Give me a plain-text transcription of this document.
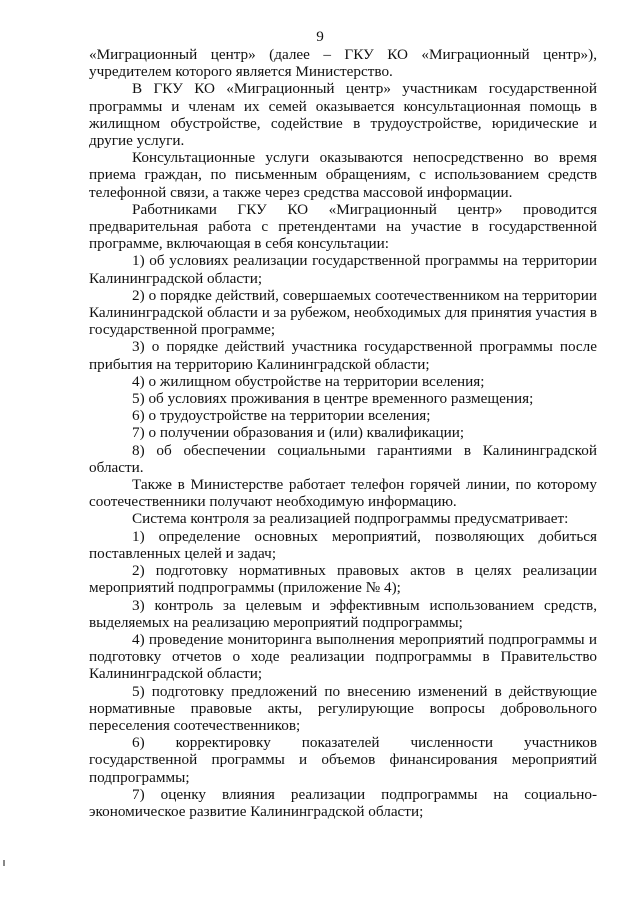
9

«Миграционный центр» (далее – ГКУ КО «Миграционный центр»), учредителем которого является Министерство.

В ГКУ КО «Миграционный центр» участникам государственной программы и членам их семей оказывается консультационная помощь в жилищном обустройстве, содействие в трудоустройстве, юридические и другие услуги.

Консультационные услуги оказываются непосредственно во время приема граждан, по письменным обращениям, с использованием средств телефонной связи, а также через средства массовой информации.

Работниками ГКУ КО «Миграционный центр» проводится предварительная работа с претендентами на участие в государственной программе, включающая в себя консультации:

1) об условиях реализации государственной программы на территории Калининградской области;

2) о порядке действий, совершаемых соотечественником на территории Калининградской области и за рубежом, необходимых для принятия участия в государственной программе;

3) о порядке действий участника государственной программы после прибытия на территорию Калининградской области;

4) о жилищном обустройстве на территории вселения;

5) об условиях проживания в центре временного размещения;

6) о трудоустройстве на территории вселения;

7) о получении образования и (или) квалификации;

8) об обеспечении социальными гарантиями в Калининградской области.

Также в Министерстве работает телефон горячей линии, по которому соотечественники получают необходимую информацию.

Система контроля за реализацией подпрограммы предусматривает:

1) определение основных мероприятий, позволяющих добиться поставленных целей и задач;

2) подготовку нормативных правовых актов в целях реализации мероприятий подпрограммы (приложение № 4);

3) контроль за целевым и эффективным использованием средств, выделяемых на реализацию мероприятий подпрограммы;

4) проведение мониторинга выполнения мероприятий подпрограммы и подготовку отчетов о ходе реализации подпрограммы в Правительство Калининградской области;

5) подготовку предложений по внесению изменений в действующие нормативные правовые акты, регулирующие вопросы добровольного переселения соотечественников;

6) корректировку показателей численности участников государственной программы и объемов финансирования мероприятий подпрограммы;

7) оценку влияния реализации подпрограммы на социально-экономическое развитие Калининградской области;
